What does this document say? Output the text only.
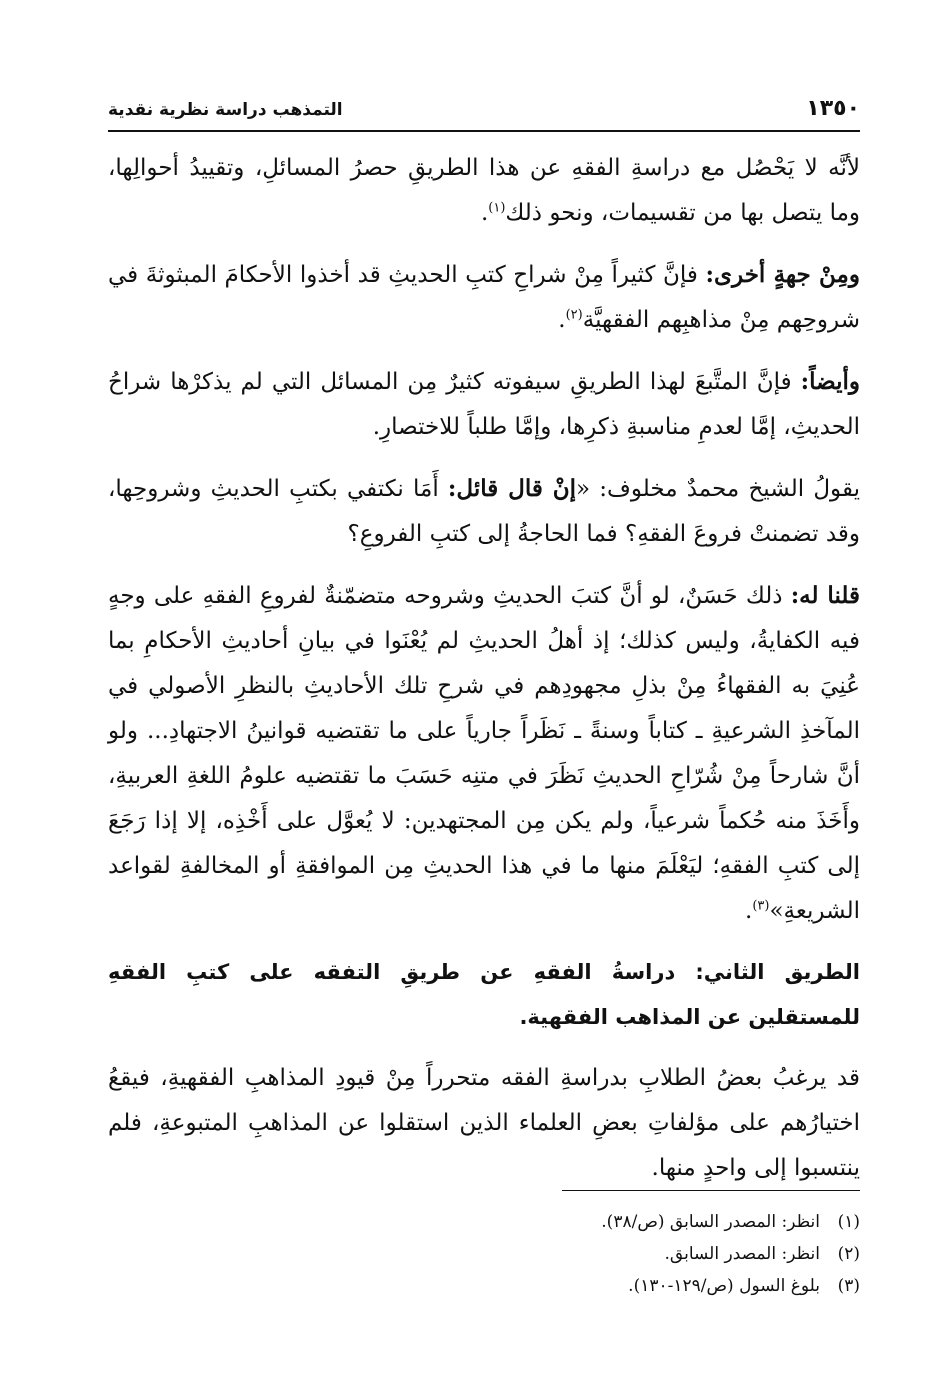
١٣٥٠
التمذهب دراسة نظرية نقدية

لأنَّه لا يَحْصُل مع دراسةِ الفقهِ عن هذا الطريقِ حصرُ المسائلِ، وتقييدُ أحوالِها، وما يتصل بها من تقسيمات، ونحو ذلك$^{(١)}$.

ومِنْ جهةٍ أخرى: فإنَّ كثيراً مِنْ شراحِ كتبِ الحديثِ قد أخذوا الأحكامَ المبثوثةَ في شروحِهم مِنْ مذاهبِهم الفقهيَّة$^{(٢)}$.

وأيضاً: فإنَّ المتَّبعَ لهذا الطريقِ سيفوته كثيرٌ مِن المسائل التي لم يذكرْها شراحُ الحديثِ، إمَّا لعدمِ مناسبةِ ذكرِها، وإمَّا طلباً للاختصارِ.

يقولُ الشيخ محمدٌ مخلوف: «إنْ قال قائل: أَمَا نكتفي بكتبِ الحديثِ وشروحِها، وقد تضمنتْ فروعَ الفقهِ؟ فما الحاجةُ إلى كتبِ الفروعِ؟

قلنا له: ذلك حَسَنٌ، لو أنَّ كتبَ الحديثِ وشروحه متضمّنةٌ لفروعِ الفقهِ على وجهٍ فيه الكفايةُ، وليس كذلك؛ إذ أهلُ الحديثِ لم يُعْنَوا في بيانِ أحاديثِ الأحكامِ بما عُنِيَ به الفقهاءُ مِنْ بذلِ مجهودِهم في شرحِ تلك الأحاديثِ بالنظرِ الأصولي في المآخذِ الشرعيةِ ـ كتاباً وسنةً ـ نَظَراً جارياً على ما تقتضيه قوانينُ الاجتهادِ... ولو أنَّ شارحاً مِنْ شُرّاحِ الحديثِ نَظَرَ في متنِه حَسَبَ ما تقتضيه علومُ اللغةِ العربيةِ، وأَخَذَ منه حُكماً شرعياً، ولم يكن مِن المجتهدين: لا يُعوَّل على أَخْذِه، إلا إذا رَجَعَ إلى كتبِ الفقهِ؛ ليَعْلَمَ منها ما في هذا الحديثِ مِن الموافقةِ أو المخالفةِ لقواعد الشريعةِ»$^{(٣)}$.

الطريق الثاني: دراسةُ الفقهِ عن طريقِ التفقه على كتبِ الفقهِ للمستقلين عن المذاهب الفقهية.

قد يرغبُ بعضُ الطلابِ بدراسةِ الفقه متحرراً مِنْ قيودِ المذاهبِ الفقهيةِ، فيقعُ اختيارُهم على مؤلفاتِ بعضِ العلماء الذين استقلوا عن المذاهبِ المتبوعةِ، فلم ينتسبوا إلى واحدٍ منها.

(١)انظر: المصدر السابق (ص/٣٨).

(٢)انظر: المصدر السابق.

(٣)بلوغ السول (ص/١٢٩-١٣٠).
